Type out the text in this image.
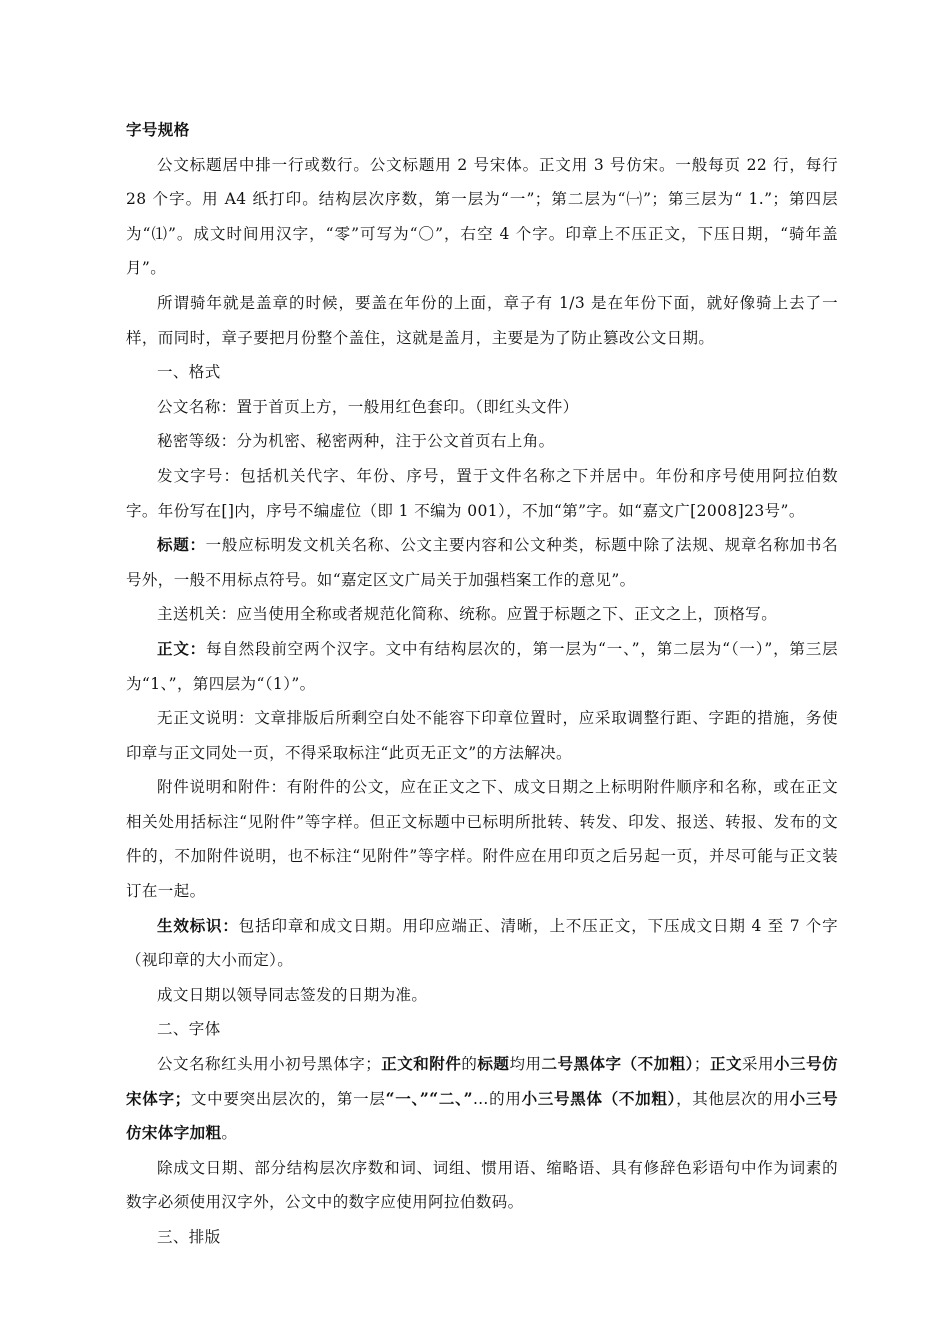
字号规格

公文标题居中排一行或数行。公文标题用 2 号宋体。正文用 3 号仿宋。一般每页 22 行，每行 28 个字。用 A4 纸打印。结构层次序数，第一层为“一”；第二层为“㈠”；第三层为“ 1.”；第四层为“⑴”。成文时间用汉字，“零”可写为“〇”，右空 4 个字。印章上不压正文，下压日期，“骑年盖月”。

所谓骑年就是盖章的时候，要盖在年份的上面，章子有 1/3 是在年份下面，就好像骑上去了一样，而同时，章子要把月份整个盖住，这就是盖月，主要是为了防止篡改公文日期。

一、格式

公文名称：置于首页上方，一般用红色套印。（即红头文件）

秘密等级：分为机密、秘密两种，注于公文首页右上角。

发文字号：包括机关代字、年份、序号，置于文件名称之下并居中。年份和序号使用阿拉伯数字。年份写在[]内，序号不编虚位（即 1 不编为 001），不加“第”字。如“嘉文广[2008]23号”。

标题：一般应标明发文机关名称、公文主要内容和公文种类，标题中除了法规、规章名称加书名号外，一般不用标点符号。如“嘉定区文广局关于加强档案工作的意见”。

主送机关：应当使用全称或者规范化简称、统称。应置于标题之下、正文之上，顶格写。

正文：每自然段前空两个汉字。文中有结构层次的，第一层为“一、”，第二层为“（一）”，第三层为“1、”，第四层为“（1）”。

无正文说明：文章排版后所剩空白处不能容下印章位置时，应采取调整行距、字距的措施，务使印章与正文同处一页，不得采取标注“此页无正文”的方法解决。

附件说明和附件：有附件的公文，应在正文之下、成文日期之上标明附件顺序和名称，或在正文相关处用括标注“见附件”等字样。但正文标题中已标明所批转、转发、印发、报送、转报、发布的文件的，不加附件说明，也不标注“见附件”等字样。附件应在用印页之后另起一页，并尽可能与正文装订在一起。

生效标识：包括印章和成文日期。用印应端正、清晰，上不压正文，下压成文日期 4 至 7 个字（视印章的大小而定）。

成文日期以领导同志签发的日期为准。

二、字体

公文名称红头用小初号黑体字；正文和附件的标题均用二号黑体字（不加粗）；正文采用小三号仿宋体字；文中要突出层次的，第一层“一、”“二、”…的用小三号黑体（不加粗），其他层次的用小三号仿宋体字加粗。

除成文日期、部分结构层次序数和词、词组、惯用语、缩略语、具有修辞色彩语句中作为词素的数字必须使用汉字外，公文中的数字应使用阿拉伯数码。

三、排版
